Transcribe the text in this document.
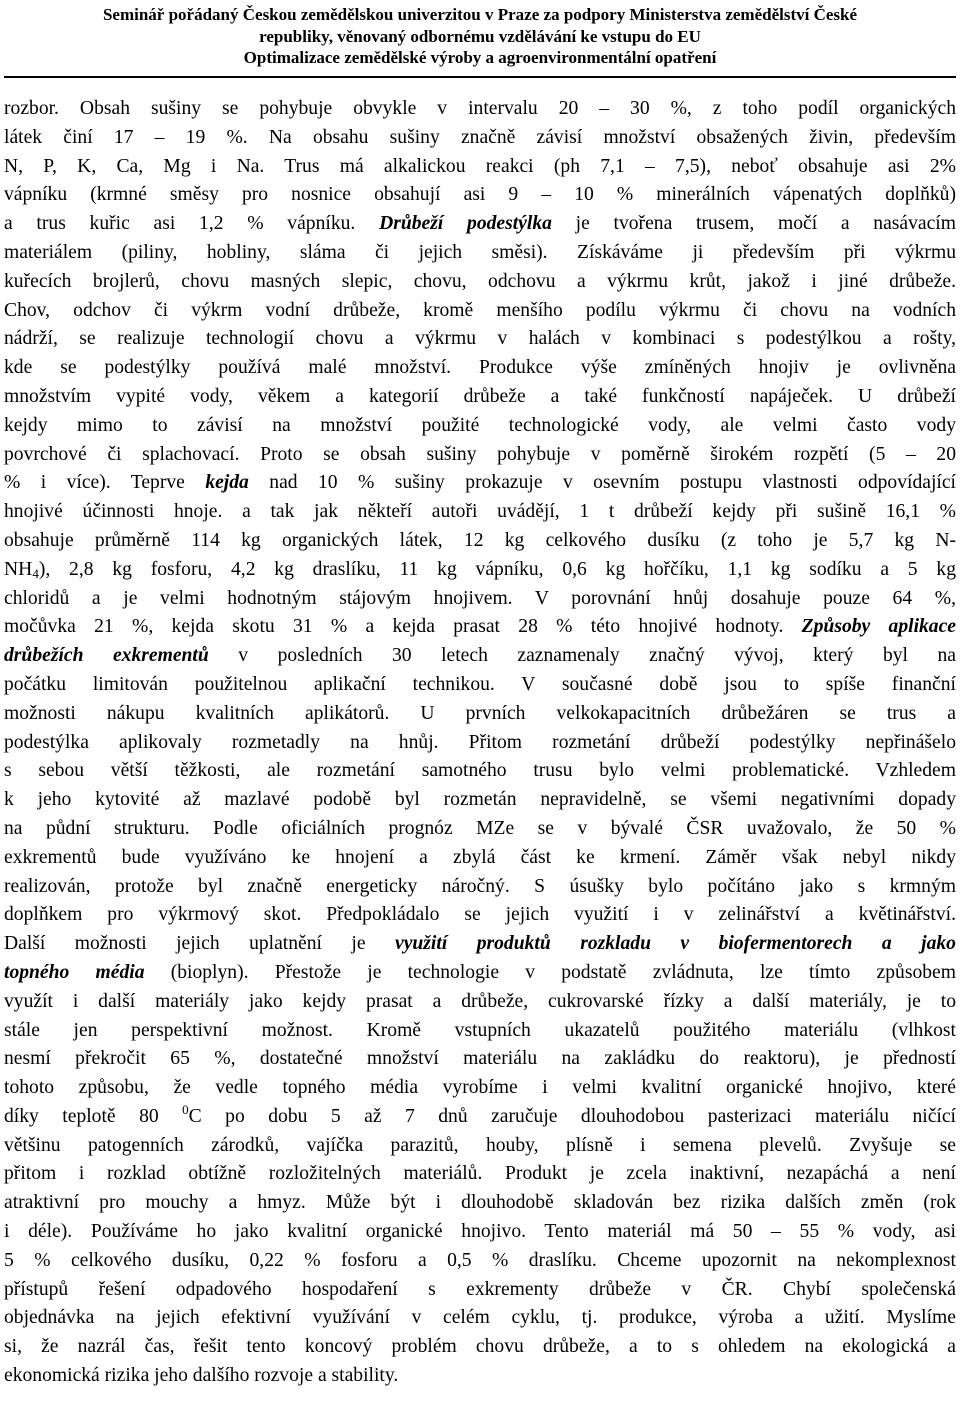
Seminář pořádaný Českou zemědělskou univerzitou v Praze za podpory Ministerstva zemědělství České
republiky, věnovaný odbornému vzdělávání ke vstupu do EU
Optimalizace zemědělské výroby a agroenvironmentální opatření
rozbor. Obsah sušiny se pohybuje obvykle v intervalu 20 – 30 %, z toho podíl organických
látek činí 17 – 19 %. Na obsahu sušiny značně závisí množství obsažených živin, především
N, P, K, Ca, Mg i Na. Trus má alkalickou reakci (ph 7,1 – 7,5), neboť obsahuje asi 2%
vápníku (krmné směsy pro nosnice obsahují asi 9 – 10 % minerálních vápenatých doplňků)
a trus kuřic asi 1,2 % vápníku. Drůbeží podestýlka je tvořena trusem, močí a nasávacím
materiálem (piliny, hobliny, sláma či jejich směsi). Získáváme ji především při výkrmu
kuřecích brojlerů, chovu masných slepic, chovu, odchovu a výkrmu krůt, jakož i jiné drůbeže.
Chov, odchov či výkrm vodní drůbeže, kromě menšího podílu výkrmu či chovu na vodních
nádrží, se realizuje technologií chovu a výkrmu v halách v kombinaci s podestýlkou a rošty,
kde se podestýlky používá malé množství. Produkce výše zmíněných hnojiv je ovlivněna
množstvím vypité vody, věkem a kategorií drůbeže a také funkčností napáječek. U drůbeží
kejdy mimo to závisí na množství použité technologické vody, ale velmi často vody
povrchové či splachovací. Proto se obsah sušiny pohybuje v poměrně širokém rozpětí (5 – 20
% i více). Teprve kejda nad 10 % sušiny prokazuje v osevním postupu vlastnosti odpovídající
hnojivé účinnosti hnoje. a tak jak někteří autoři uvádějí, 1 t drůbeží kejdy při sušině 16,1 %
obsahuje průměrně 114 kg organických látek, 12 kg celkového dusíku (z toho je 5,7 kg N-
$NH_4$), 2,8 kg fosforu, 4,2 kg draslíku, 11 kg vápníku, 0,6 kg hořčíku, 1,1 kg sodíku a 5 kg
chloridů a je velmi hodnotným stájovým hnojivem. V porovnání hnůj dosahuje pouze 64 %,
močůvka 21 %, kejda skotu 31 % a kejda prasat 28 % této hnojivé hodnoty. Způsoby aplikace
drůbežích exkrementů v posledních 30 letech zaznamenaly značný vývoj, který byl na
počátku limitován použitelnou aplikační technikou. V současné době jsou to spíše finanční
možnosti nákupu kvalitních aplikátorů. U prvních velkokapacitních drůbežáren se trus a
podestýlka aplikovaly rozmetadly na hnůj. Přitom rozmetání drůbeží podestýlky nepřinášelo
s sebou větší těžkosti, ale rozmetání samotného trusu bylo velmi problematické. Vzhledem
k jeho kytovité až mazlavé podobě byl rozmetán nepravidelně, se všemi negativními dopady
na půdní strukturu. Podle oficiálních prognóz MZe se v bývalé ČSR uvažovalo, že 50 %
exkrementů bude využíváno ke hnojení a zbylá část ke krmení. Záměr však nebyl nikdy
realizován, protože byl značně energeticky náročný. S úsušky bylo počítáno jako s krmným
doplňkem pro výkrmový skot. Předpokládalo se jejich využití i v zelinářství a květinářství.
Další možnosti jejich uplatnění je využití produktů rozkladu v biofermentorech a jako
topného média (bioplyn). Přestože je technologie v podstatě zvládnuta, lze tímto způsobem
využít i další materiály jako kejdy prasat a drůbeže, cukrovarské řízky a další materiály, je to
stále jen perspektivní možnost. Kromě vstupních ukazatelů použitého materiálu (vlhkost
nesmí překročit 65 %, dostatečné množství materiálu na zakládku do reaktoru), je předností
tohoto způsobu, že vedle topného média vyrobíme i velmi kvalitní organické hnojivo, které
díky teplotě 80 $^0$C po dobu 5 až 7 dnů zaručuje dlouhodobou pasterizaci materiálu ničící
většinu patogenních zárodků, vajíčka parazitů, houby, plísně i semena plevelů. Zvyšuje se
přitom i rozklad obtížně rozložitelných materiálů. Produkt je zcela inaktivní, nezapáchá a není
atraktivní pro mouchy a hmyz. Může být i dlouhodobě skladován bez rizika dalších změn (rok
i déle). Používáme ho jako kvalitní organické hnojivo. Tento materiál má 50 – 55 % vody, asi
5 % celkového dusíku, 0,22 % fosforu a 0,5 % draslíku. Chceme upozornit na nekomplexnost
přístupů řešení odpadového hospodaření s exkrementy drůbeže v ČR. Chybí společenská
objednávka na jejich efektivní využívání v celém cyklu, tj. produkce, výroba a užití. Myslíme
si, že nazrál čas, řešit tento koncový problém chovu drůbeže, a to s ohledem na ekologická a
ekonomická rizika jeho dalšího rozvoje a stability.
